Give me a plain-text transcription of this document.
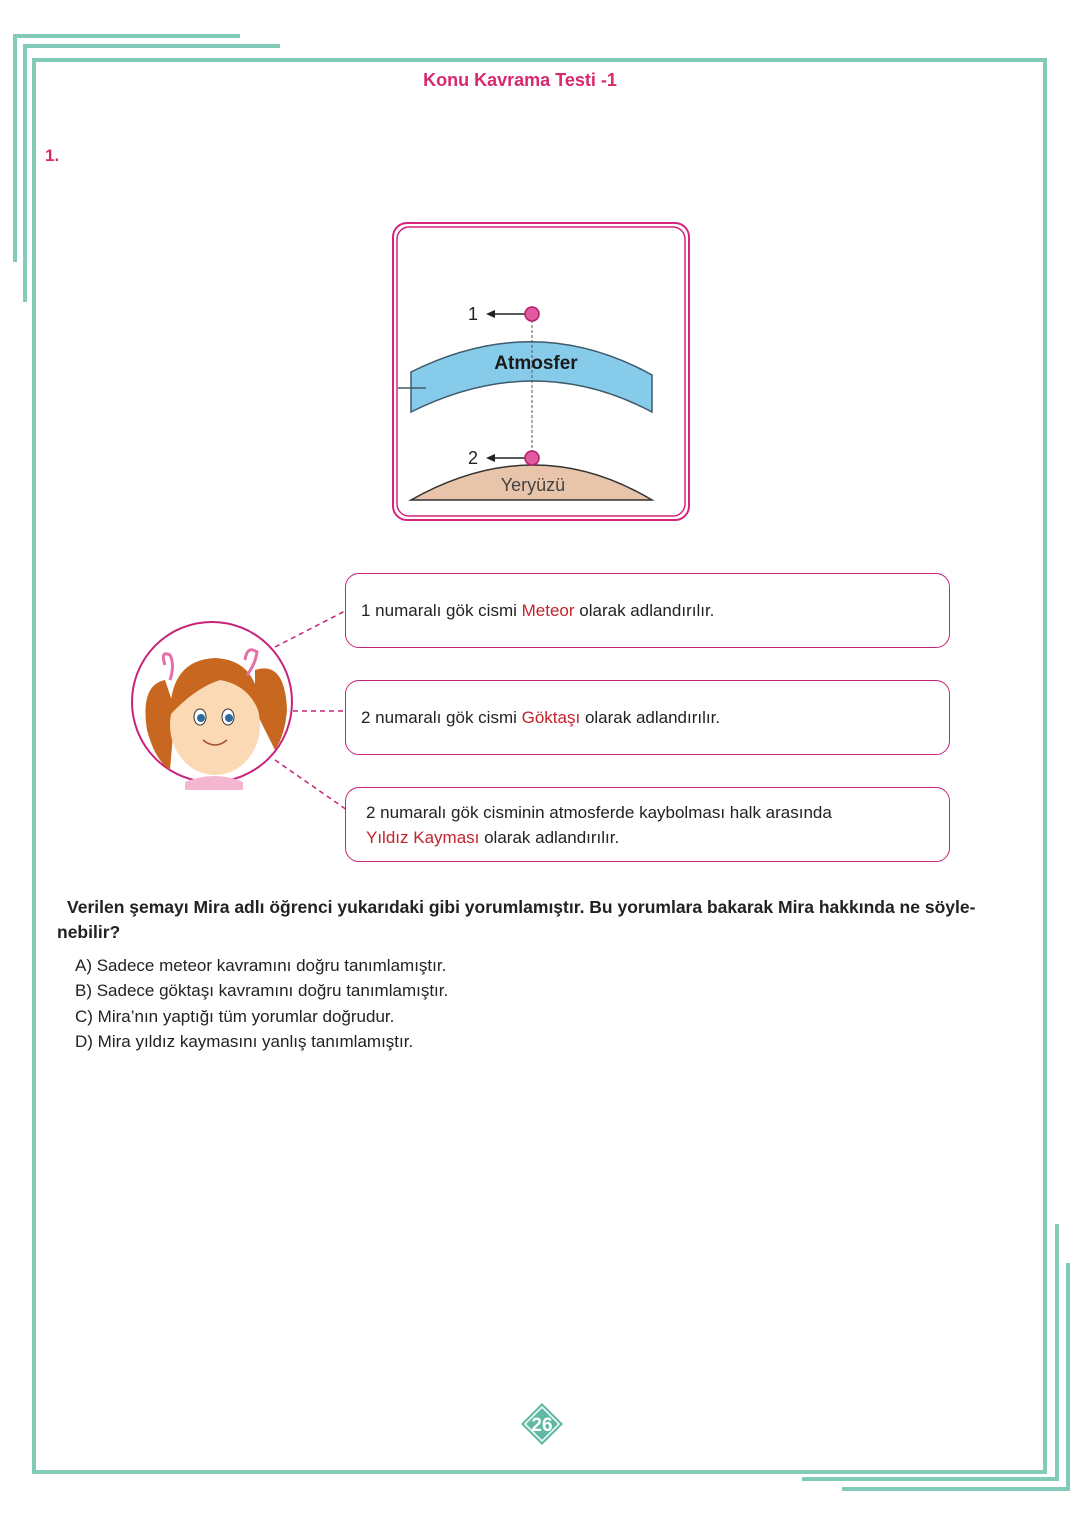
Konu Kavrama Testi -1
1.
1
2
Atmosfer
Yeryüzü
1 numaralı gök cismi Meteor olarak adlandırılır.
2 numaralı gök cismi Göktaşı olarak adlandırılır.
2 numaralı gök cisminin atmosferde kaybolması halk arasında
Yıldız Kayması olarak adlandırılır.
Verilen şemayı Mira adlı öğrenci yukarıdaki gibi yorumlamıştır. Bu yorumlara bakarak Mira hakkında ne söyle-nebilir?
A) Sadece meteor kavramını doğru tanımlamıştır.
B) Sadece göktaşı kavramını doğru tanımlamıştır.
C) Mira’nın yaptığı tüm yorumlar doğrudur.
D) Mira yıldız kaymasını yanlış tanımlamıştır.
26
